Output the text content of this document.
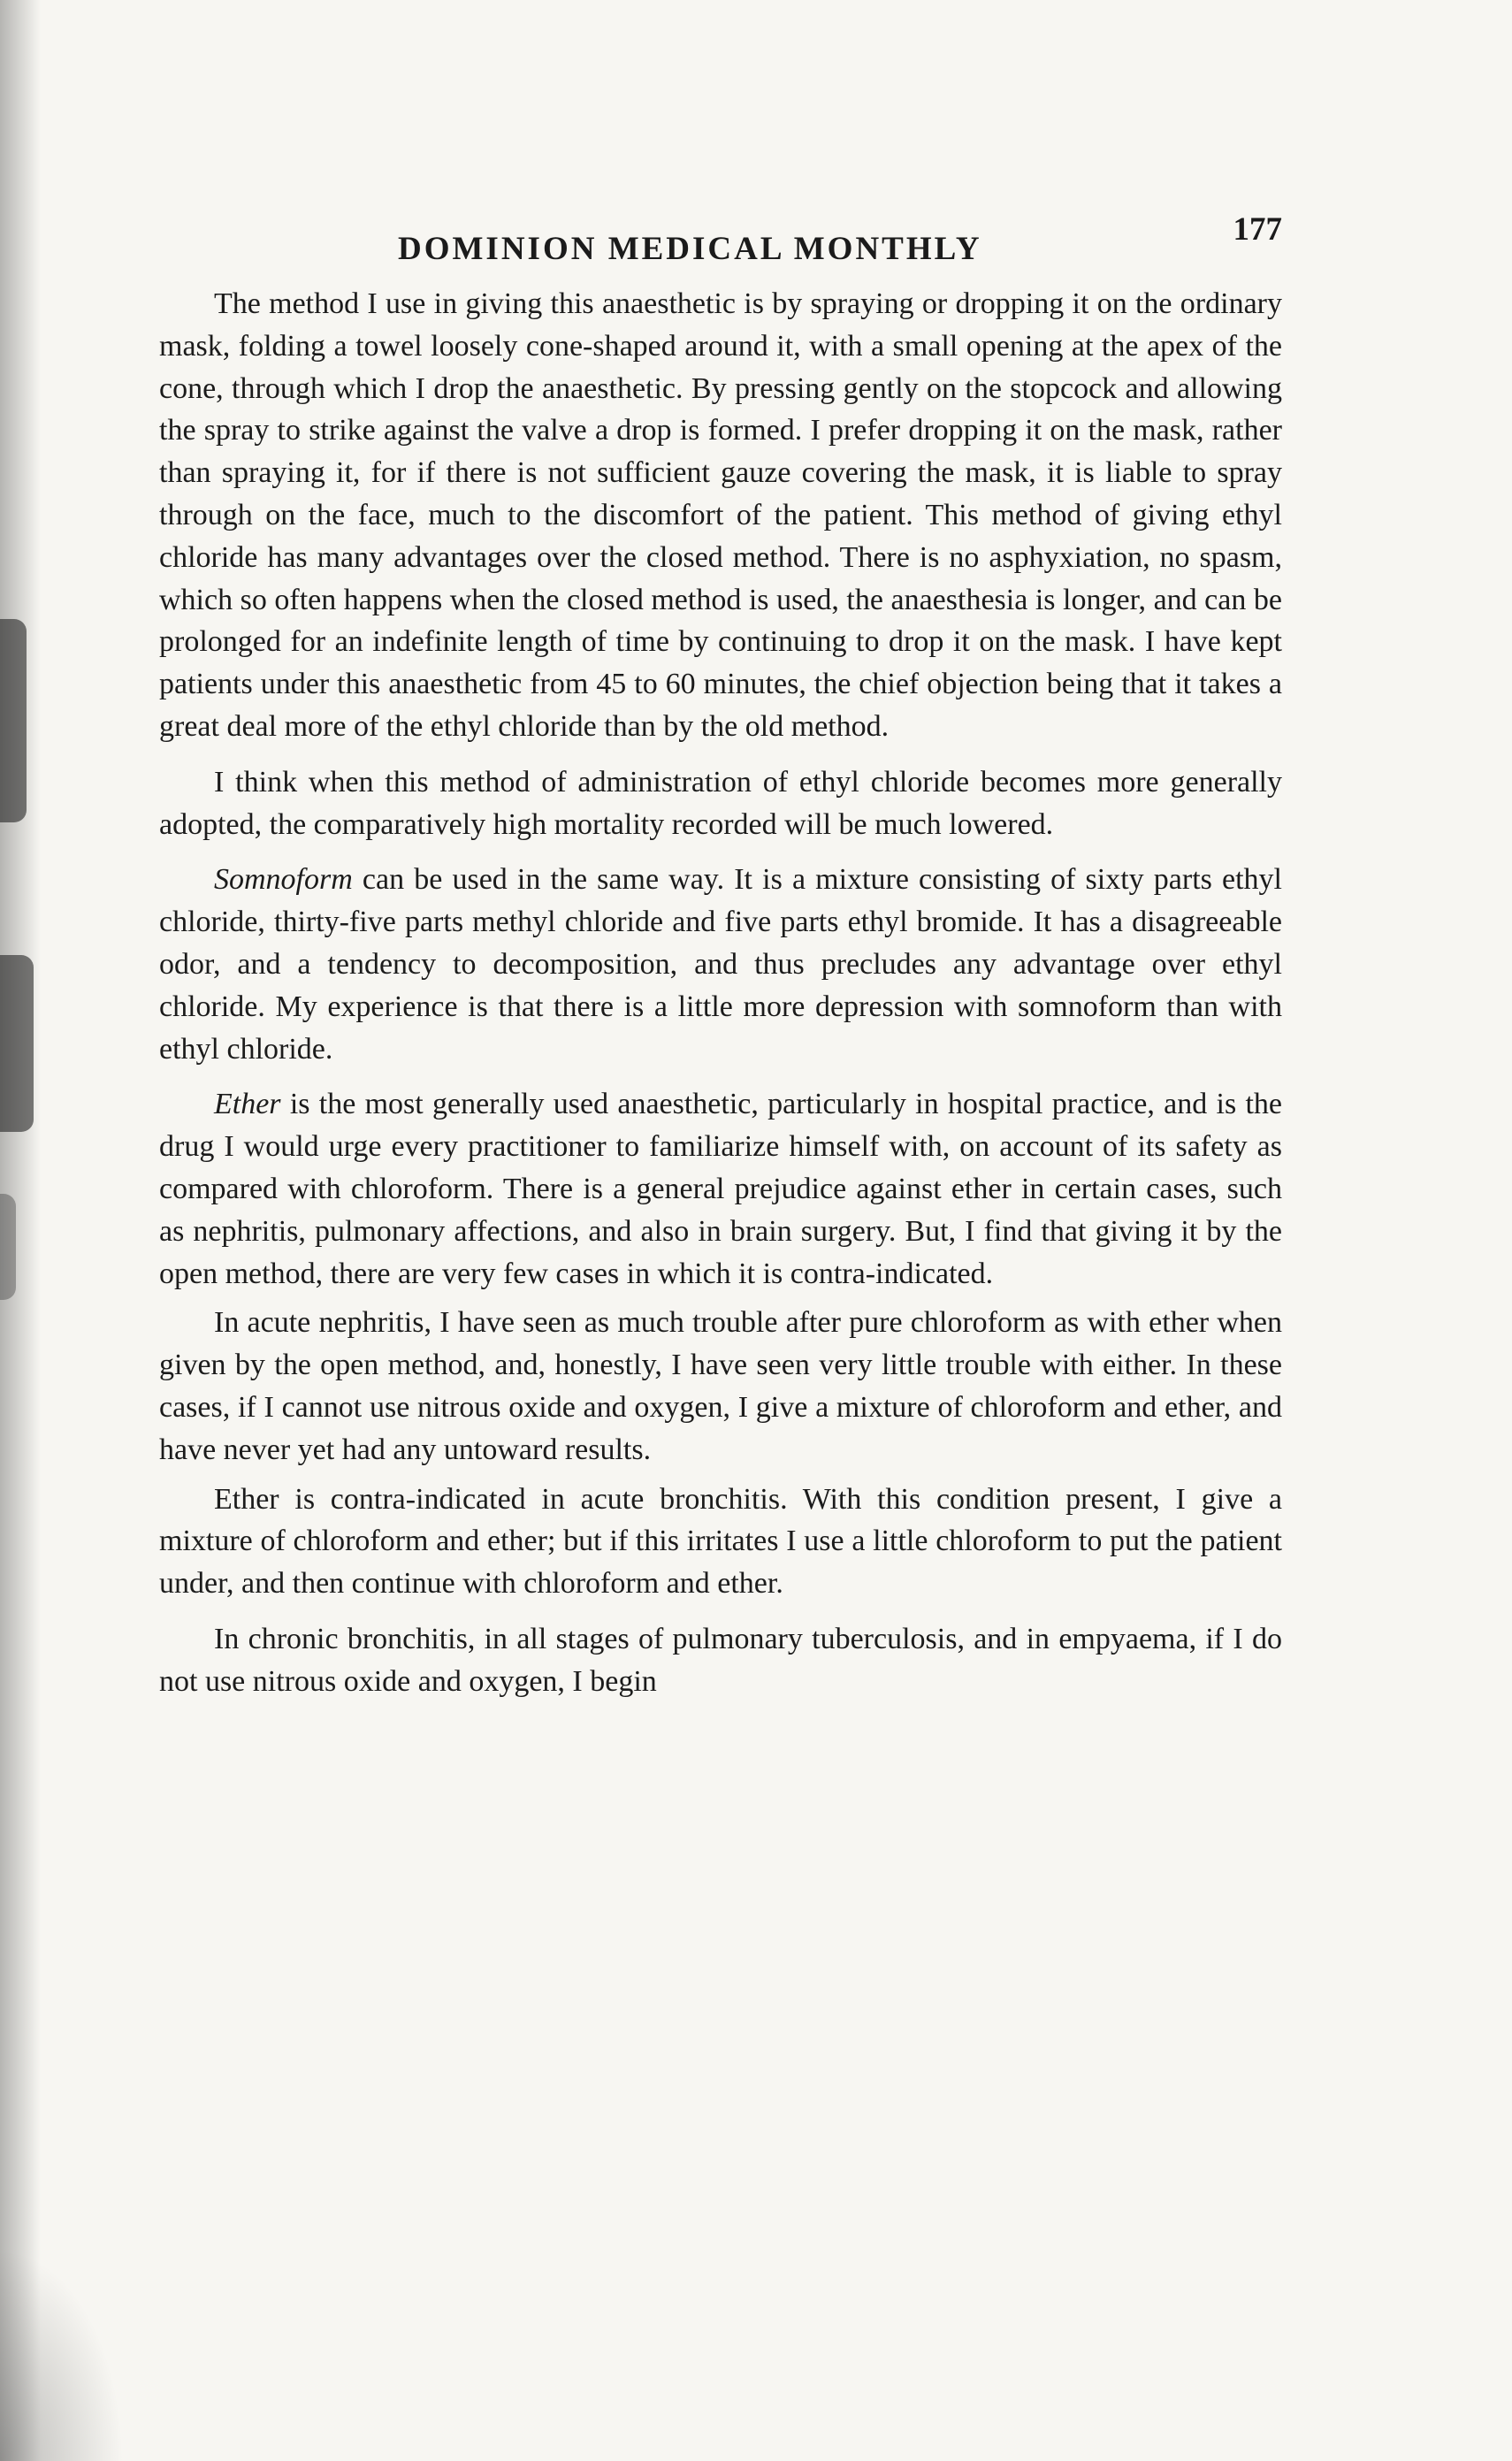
DOMINION MEDICAL MONTHLY
177

The method I use in giving this anaesthetic is by spraying or dropping it on the ordinary mask, folding a towel loosely cone-shaped around it, with a small opening at the apex of the cone, through which I drop the anaesthetic. By pressing gently on the stopcock and allowing the spray to strike against the valve a drop is formed. I prefer dropping it on the mask, rather than spraying it, for if there is not sufficient gauze covering the mask, it is liable to spray through on the face, much to the discomfort of the patient. This method of giving ethyl chloride has many advantages over the closed method. There is no asphyxiation, no spasm, which so often happens when the closed method is used, the anaesthesia is longer, and can be prolonged for an indefinite length of time by continuing to drop it on the mask. I have kept patients under this anaesthetic from 45 to 60 minutes, the chief objection being that it takes a great deal more of the ethyl chloride than by the old method.

I think when this method of administration of ethyl chloride becomes more generally adopted, the comparatively high mortality recorded will be much lowered.

Somnoform can be used in the same way. It is a mixture consisting of sixty parts ethyl chloride, thirty-five parts methyl chloride and five parts ethyl bromide. It has a disagreeable odor, and a tendency to decomposition, and thus precludes any advantage over ethyl chloride. My experience is that there is a little more depression with somnoform than with ethyl chloride.

Ether is the most generally used anaesthetic, particularly in hospital practice, and is the drug I would urge every practitioner to familiarize himself with, on account of its safety as compared with chloroform. There is a general prejudice against ether in certain cases, such as nephritis, pulmonary affections, and also in brain surgery. But, I find that giving it by the open method, there are very few cases in which it is contra-indicated.

In acute nephritis, I have seen as much trouble after pure chloroform as with ether when given by the open method, and, honestly, I have seen very little trouble with either. In these cases, if I cannot use nitrous oxide and oxygen, I give a mixture of chloroform and ether, and have never yet had any untoward results.

Ether is contra-indicated in acute bronchitis. With this condition present, I give a mixture of chloroform and ether; but if this irritates I use a little chloroform to put the patient under, and then continue with chloroform and ether.

In chronic bronchitis, in all stages of pulmonary tuberculosis, and in empyaema, if I do not use nitrous oxide and oxygen, I begin
